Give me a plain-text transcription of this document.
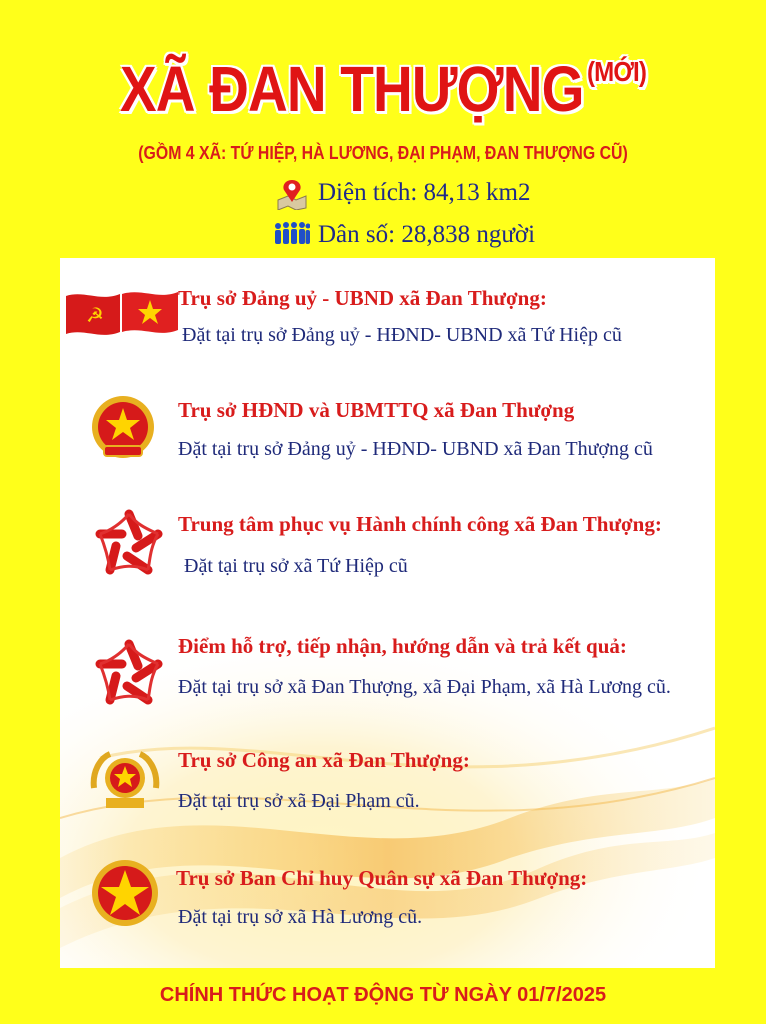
XÃ ĐAN THƯỢNG $^{(MỚI)}$
(GỒM 4 XÃ: TỨ HIỆP, HÀ LƯƠNG, ĐẠI PHẠM, ĐAN THƯỢNG CŨ)
Diện tích: 84,13 km2
Dân số: 28,838 người
☭
Trụ sở Đảng uỷ - UBND xã Đan Thượng:
Đặt tại trụ sở Đảng uỷ - HĐND- UBND xã Tứ Hiệp cũ
Trụ sở HĐND và UBMTTQ xã Đan Thượng
Đặt tại trụ sở Đảng uỷ - HĐND- UBND xã Đan Thượng cũ
Trung tâm phục vụ Hành chính công xã Đan Thượng:
Đặt tại trụ sở xã Tứ Hiệp cũ
Điểm hỗ trợ, tiếp nhận, hướng dẫn và trả kết quả:
Đặt tại trụ sở xã Đan Thượng, xã Đại Phạm, xã Hà Lương cũ.
Trụ sở Công an xã Đan Thượng:
Đặt tại trụ sở xã Đại Phạm cũ.
Trụ sở Ban Chỉ huy Quân sự xã Đan Thượng:
Đặt tại trụ sở xã Hà Lương cũ.
CHÍNH THỨC HOẠT ĐỘNG TỪ NGÀY 01/7/2025
